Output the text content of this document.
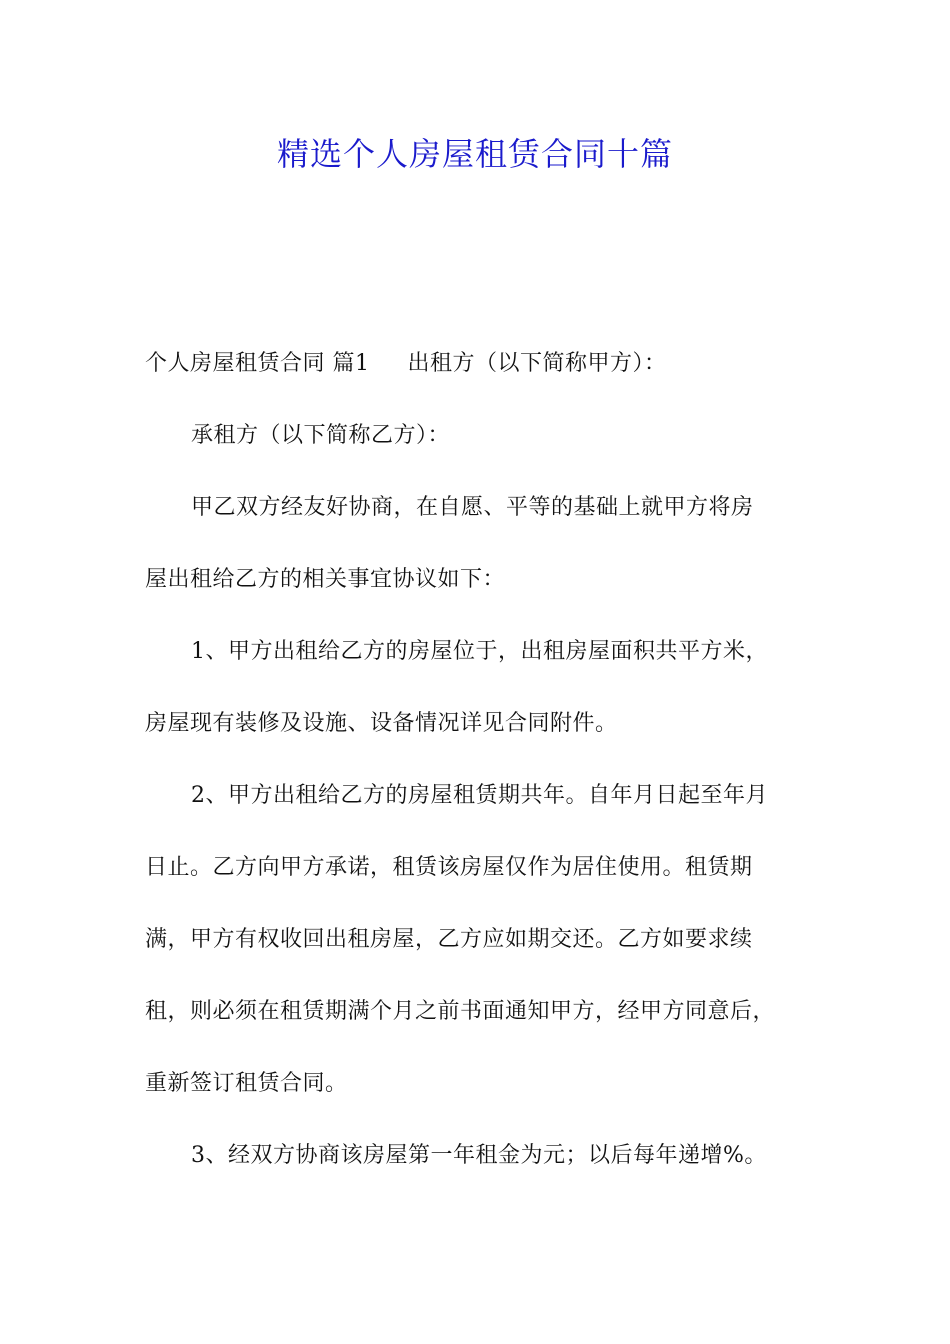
精选个人房屋租赁合同十篇
个人房屋租赁合同 篇1 出租方（以下简称甲方）：
承租方（以下简称乙方）：
甲乙双方经友好协商，在自愿、平等的基础上就甲方将房
屋出租给乙方的相关事宜协议如下：
1、甲方出租给乙方的房屋位于，出租房屋面积共平方米，
房屋现有装修及设施、设备情况详见合同附件。
2、甲方出租给乙方的房屋租赁期共年。自年月日起至年月
日止。乙方向甲方承诺，租赁该房屋仅作为居住使用。租赁期
满，甲方有权收回出租房屋，乙方应如期交还。乙方如要求续
租，则必须在租赁期满个月之前书面通知甲方，经甲方同意后，
重新签订租赁合同。
3、经双方协商该房屋第一年租金为元；以后每年递增%。
